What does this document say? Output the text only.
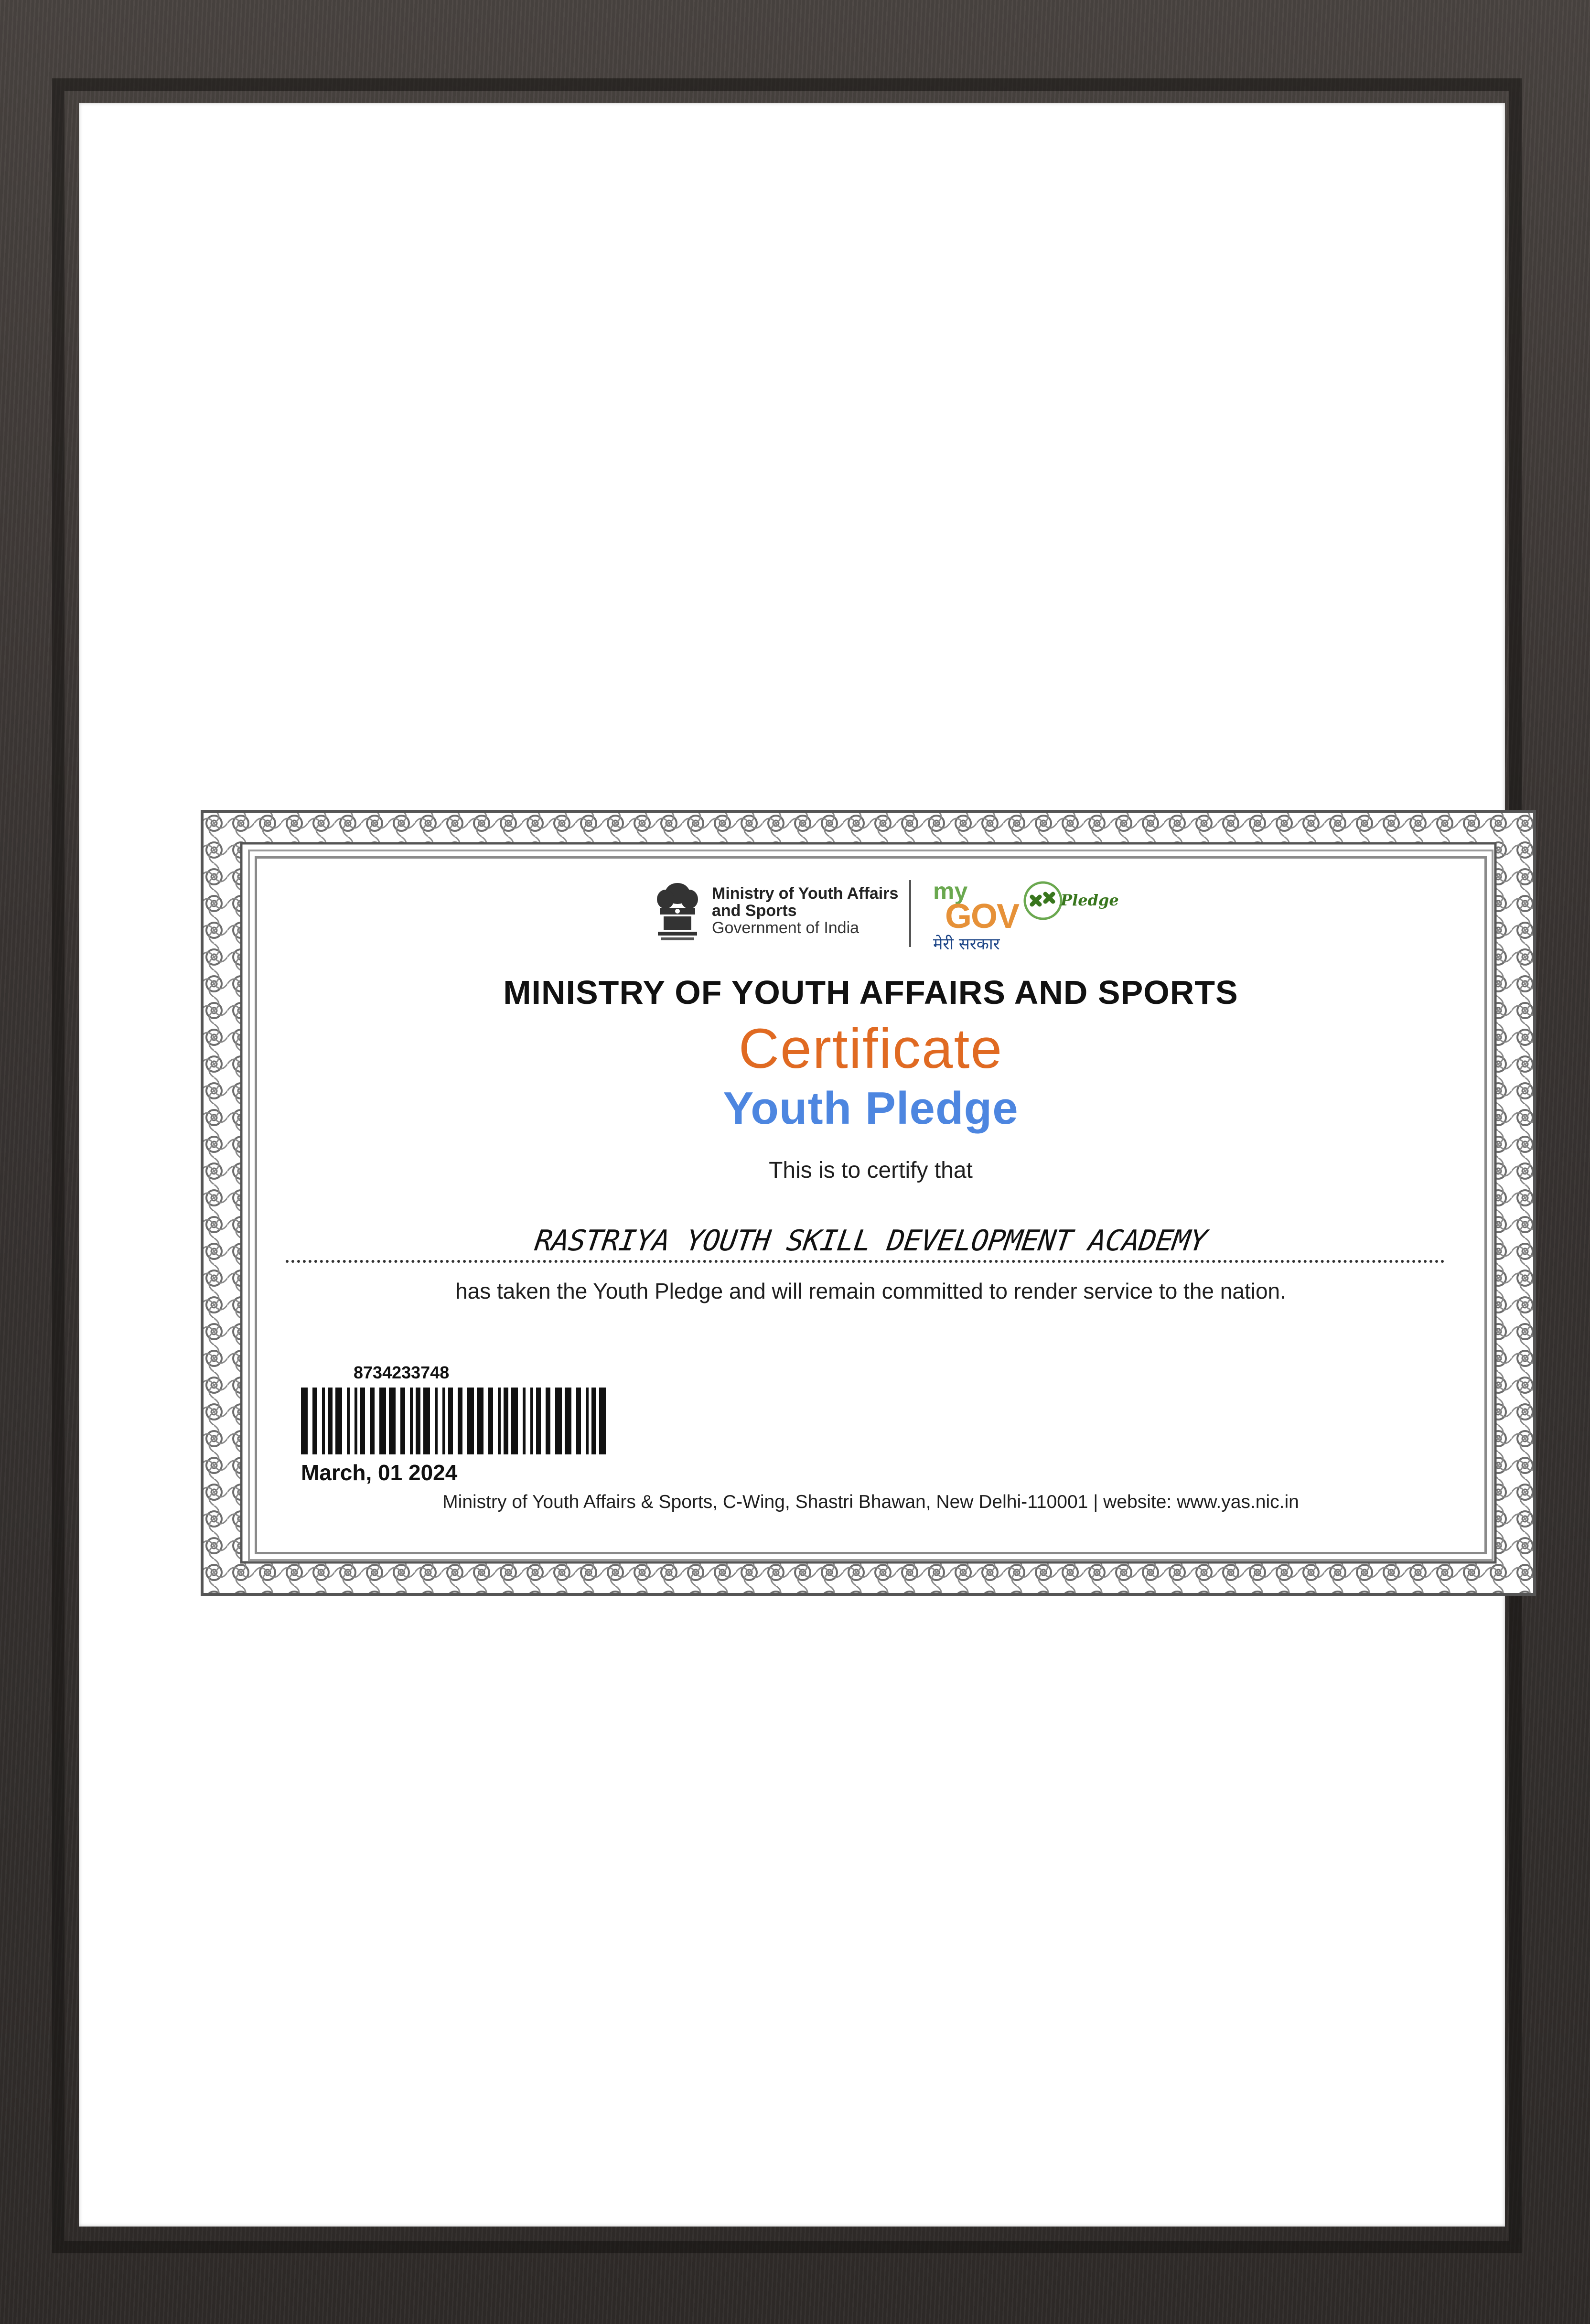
Ministry of Youth Affairs
and Sports
Government of India
my
GOV
मेरी सरकार
Pledge
MINISTRY OF YOUTH AFFAIRS AND SPORTS
Certificate
Youth Pledge
This is to certify that
RASTRIYA YOUTH SKILL DEVELOPMENT ACADEMY
has taken the Youth Pledge and will remain committed to render service to the nation.
8734233748
March, 01 2024
Ministry of Youth Affairs & Sports, C-Wing, Shastri Bhawan, New Delhi-110001 | website: www.yas.nic.in
